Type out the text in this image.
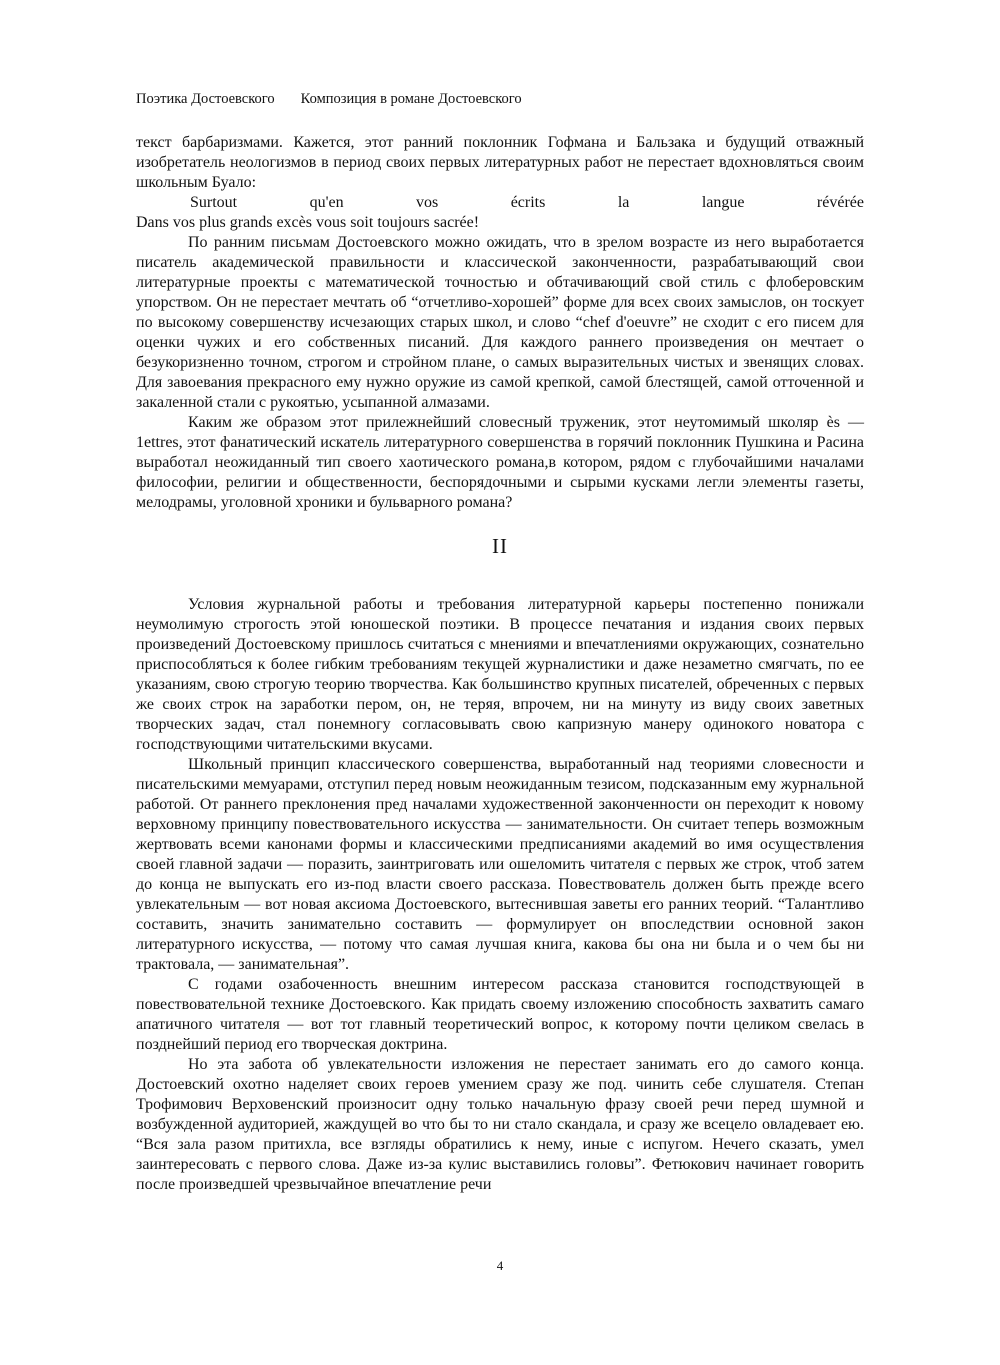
Поэтика Достоевского Композиция в романе Достоевского

текст барбаризмами. Кажется, этот ранний поклонник Гофмана и Бальзака и будущий отважный изобретатель неологизмов в период своих первых литературных работ не перестает вдохновляться своим школьным Буало:

Surtout	qu'en	vos	écrits	la	langue	révérée
Dans vos plus grands excès vous soit toujours sacrée!

По ранним письмам Достоевского можно ожидать, что в зрелом возрасте из него выработается писатель академической правильности и классической законченности, разрабатывающий свои литературные проекты с математической точностью и обтачивающий свой стиль с флоберовским упорством. Он не перестает мечтать об “отчетливо-хорошей” форме для всех своих замыслов, он тоскует по высокому совершенству исчезающих старых школ, и слово “chef d'oeuvre” не сходит с его писем для оценки чужих и его собственных писаний. Для каждого раннего произведения он мечтает о безукоризненно точном, строгом и стройном плане, о самых выразительных чистых и звенящих словах. Для завоевания прекрасного ему нужно оружие из самой крепкой, самой блестящей, самой отточенной и закаленной стали с рукоятью, усыпанной алмазами.

Каким же образом этот прилежнейший словесный труженик, этот неутомимый школяр ès — 1ettres, этот фанатический искатель литературного совершенства в горячий поклонник Пушкина и Расина выработал неожиданный тип своего хаотического романа,в котором, рядом с глубочайшими началами философии, религии и общественности, беспорядочными и сырыми кусками легли элементы газеты, мелодрамы, уголовной хроники и бульварного романа?

II

Условия журнальной работы и требования литературной карьеры постепенно понижали неумолимую строгость этой юношеской поэтики. В процессе печатания и издания своих первых произведений Достоевскому пришлось считаться с мнениями и впечатлениями окружающих, сознательно приспособляться к более гибким требованиям текущей журналистики и даже незаметно смягчать, по ее указаниям, свою строгую теорию творчества. Как большинство крупных писателей, обреченных с первых же своих строк на заработки пером, он, не теряя, впрочем, ни на минуту из виду своих заветных творческих задач, стал понемногу согласовывать свою капризную манеру одинокого новатора с господствующими читательскими вкусами.

Школьный принцип классического совершенства, выработанный над теориями словесности и писательскими мемуарами, отступил перед новым неожиданным тезисом, подсказанным ему журнальной работой. От раннего преклонения пред началами художественной законченности он переходит к новому верховному принципу повествовательного искусства — занимательности. Он считает теперь возможным жертвовать всеми канонами формы и классическими предписаниями академий во имя осуществления своей главной задачи — поразить, заинтриговать или ошеломить читателя с первых же строк, чтоб затем до конца не выпускать его из-под власти своего рассказа. Повествователь должен быть прежде всего увлекательным — вот новая аксиома Достоевского, вытеснившая заветы его ранних теорий. “Талантливо составить, значить занимательно составить — формулирует он впоследствии основной закон литературного искусства, — потому что самая лучшая книга, какова бы она ни была и о чем бы ни трактовала, — занимательная”.

С годами озабоченность внешним интересом рассказа становится господствующей в повествовательной технике Достоевского. Как придать своему изложению способность захватить самаго апатичного читателя — вот тот главный теоретический вопрос, к которому почти целиком свелась в позднейший период его творческая доктрина.

Но эта забота об увлекательности изложения не перестает занимать его до самого конца. Достоевский охотно наделяет своих героев умением сразу же под. чинить себе слушателя. Степан Трофимович Верховенский произносит одну только начальную фразу своей речи перед шумной и возбужденной аудиторией, жаждущей во что бы то ни стало скандала, и сразу же всецело овладевает ею. “Вся зала разом притихла, все взгляды обратились к нему, иные с испугом. Нечего сказать, умел заинтересовать с первого слова. Даже из-за кулис выставились головы”. Фетюкович начинает говорить после произведшей чрезвычайное впечатление речи

4
